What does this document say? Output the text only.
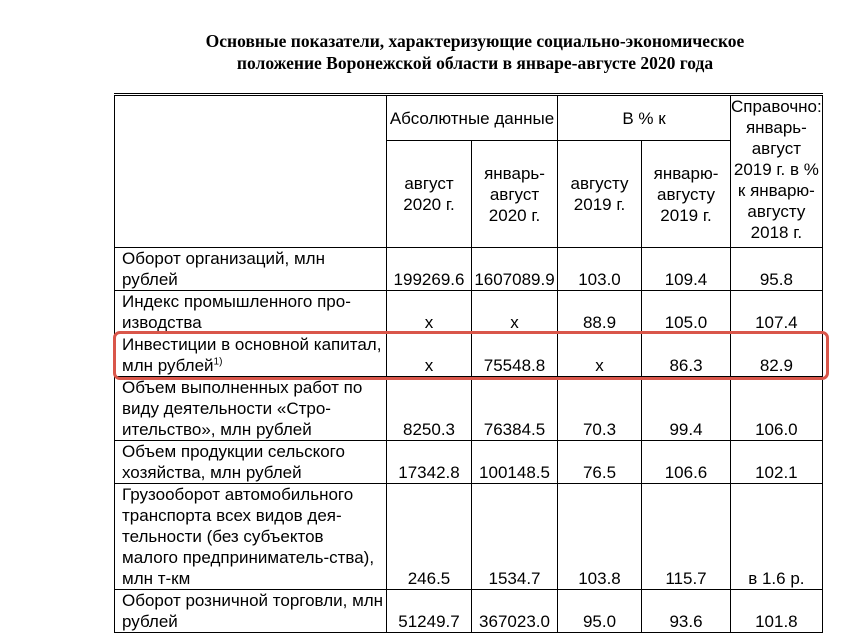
Основные показатели, характеризующие социально-экономическое
положение Воронежской области в январе-августе 2020 года
	Абсолютные данные		В % к		Справочно: январь-август 2019 г. в % к январю-августу 2018 г.
	август 2020 г.	январь-август 2020 г.	августу 2019 г.	январю-августу 2019 г.	
Оборот организаций, млн рублей	199269.6	1607089.9	103.0	109.4	95.8
Индекс промышленного про-изводства	x	x	88.9	105.0	107.4
Инвестиции в основной капитал, млн рублей$^{1)}$	x	75548.8	x	86.3	82.9
Объем выполненных работ по виду деятельности «Стро-ительство», млн рублей	8250.3	76384.5	70.3	99.4	106.0
Объем продукции сельского хозяйства, млн рублей	17342.8	100148.5	76.5	106.6	102.1
Грузооборот автомобильного транспорта всех видов дея-тельности (без субъектов малого предприниматель-ства), млн т-км	246.5	1534.7	103.8	115.7	в 1.6 р.
Оборот розничной торговли, млн рублей	51249.7	367023.0	95.0	93.6	101.8
